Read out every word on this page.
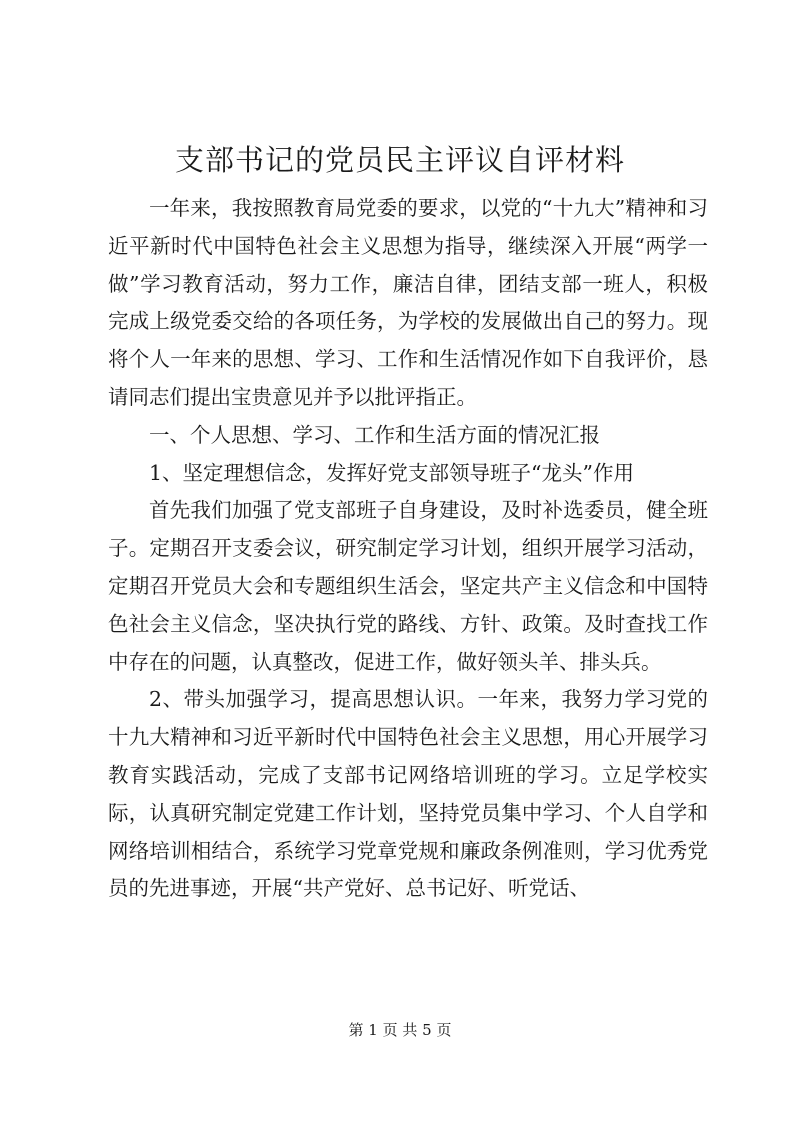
支部书记的党员民主评议自评材料

一年来，我按照教育局党委的要求，以党的“十九大”精神和习近平新时代中国特色社会主义思想为指导，继续深入开展“两学一做”学习教育活动，努力工作，廉洁自律，团结支部一班人，积极完成上级党委交给的各项任务，为学校的发展做出自己的努力。现将个人一年来的思想、学习、工作和生活情况作如下自我评价，恳请同志们提出宝贵意见并予以批评指正。

一、个人思想、学习、工作和生活方面的情况汇报

1、坚定理想信念，发挥好党支部领导班子“龙头”作用

首先我们加强了党支部班子自身建设，及时补选委员，健全班子。定期召开支委会议，研究制定学习计划，组织开展学习活动，定期召开党员大会和专题组织生活会，坚定共产主义信念和中国特色社会主义信念，坚决执行党的路线、方针、政策。及时查找工作中存在的问题，认真整改，促进工作，做好领头羊、排头兵。

2、带头加强学习，提高思想认识。一年来，我努力学习党的十九大精神和习近平新时代中国特色社会主义思想，用心开展学习教育实践活动，完成了支部书记网络培训班的学习。立足学校实际，认真研究制定党建工作计划，坚持党员集中学习、个人自学和网络培训相结合，系统学习党章党规和廉政条例准则，学习优秀党员的先进事迹，开展“共产党好、总书记好、听党话、

第 1 页 共 5 页
